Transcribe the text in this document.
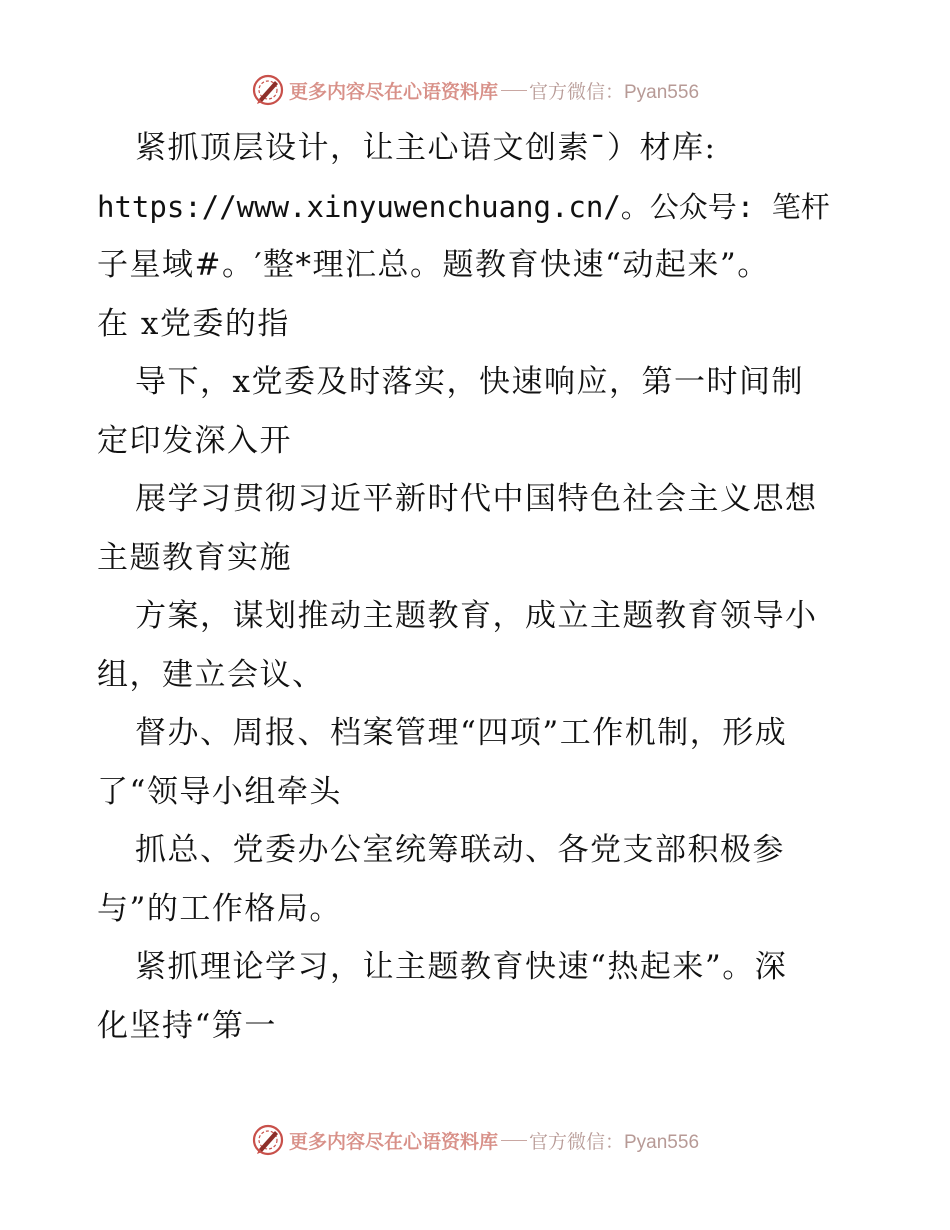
更多内容尽在心语资料库 官方微信：Pyan556
紧抓顶层设计，让主心语文创素¯）材库:
https://www.xinyuwenchuang.cn/。公众号: 笔杆
子星域#。′整*理汇总。题教育快速“动起来”。
在 x党委的指
导下，x党委及时落实，快速响应，第一时间制
定印发深入开
展学习贯彻习近平新时代中国特色社会主义思想
主题教育实施
方案，谋划推动主题教育，成立主题教育领导小
组，建立会议、
督办、周报、档案管理“四项”工作机制，形成
了“领导小组牵头
抓总、党委办公室统筹联动、各党支部积极参
与”的工作格局。
紧抓理论学习，让主题教育快速“热起来”。深
化坚持“第一
更多内容尽在心语资料库 官方微信：Pyan556
